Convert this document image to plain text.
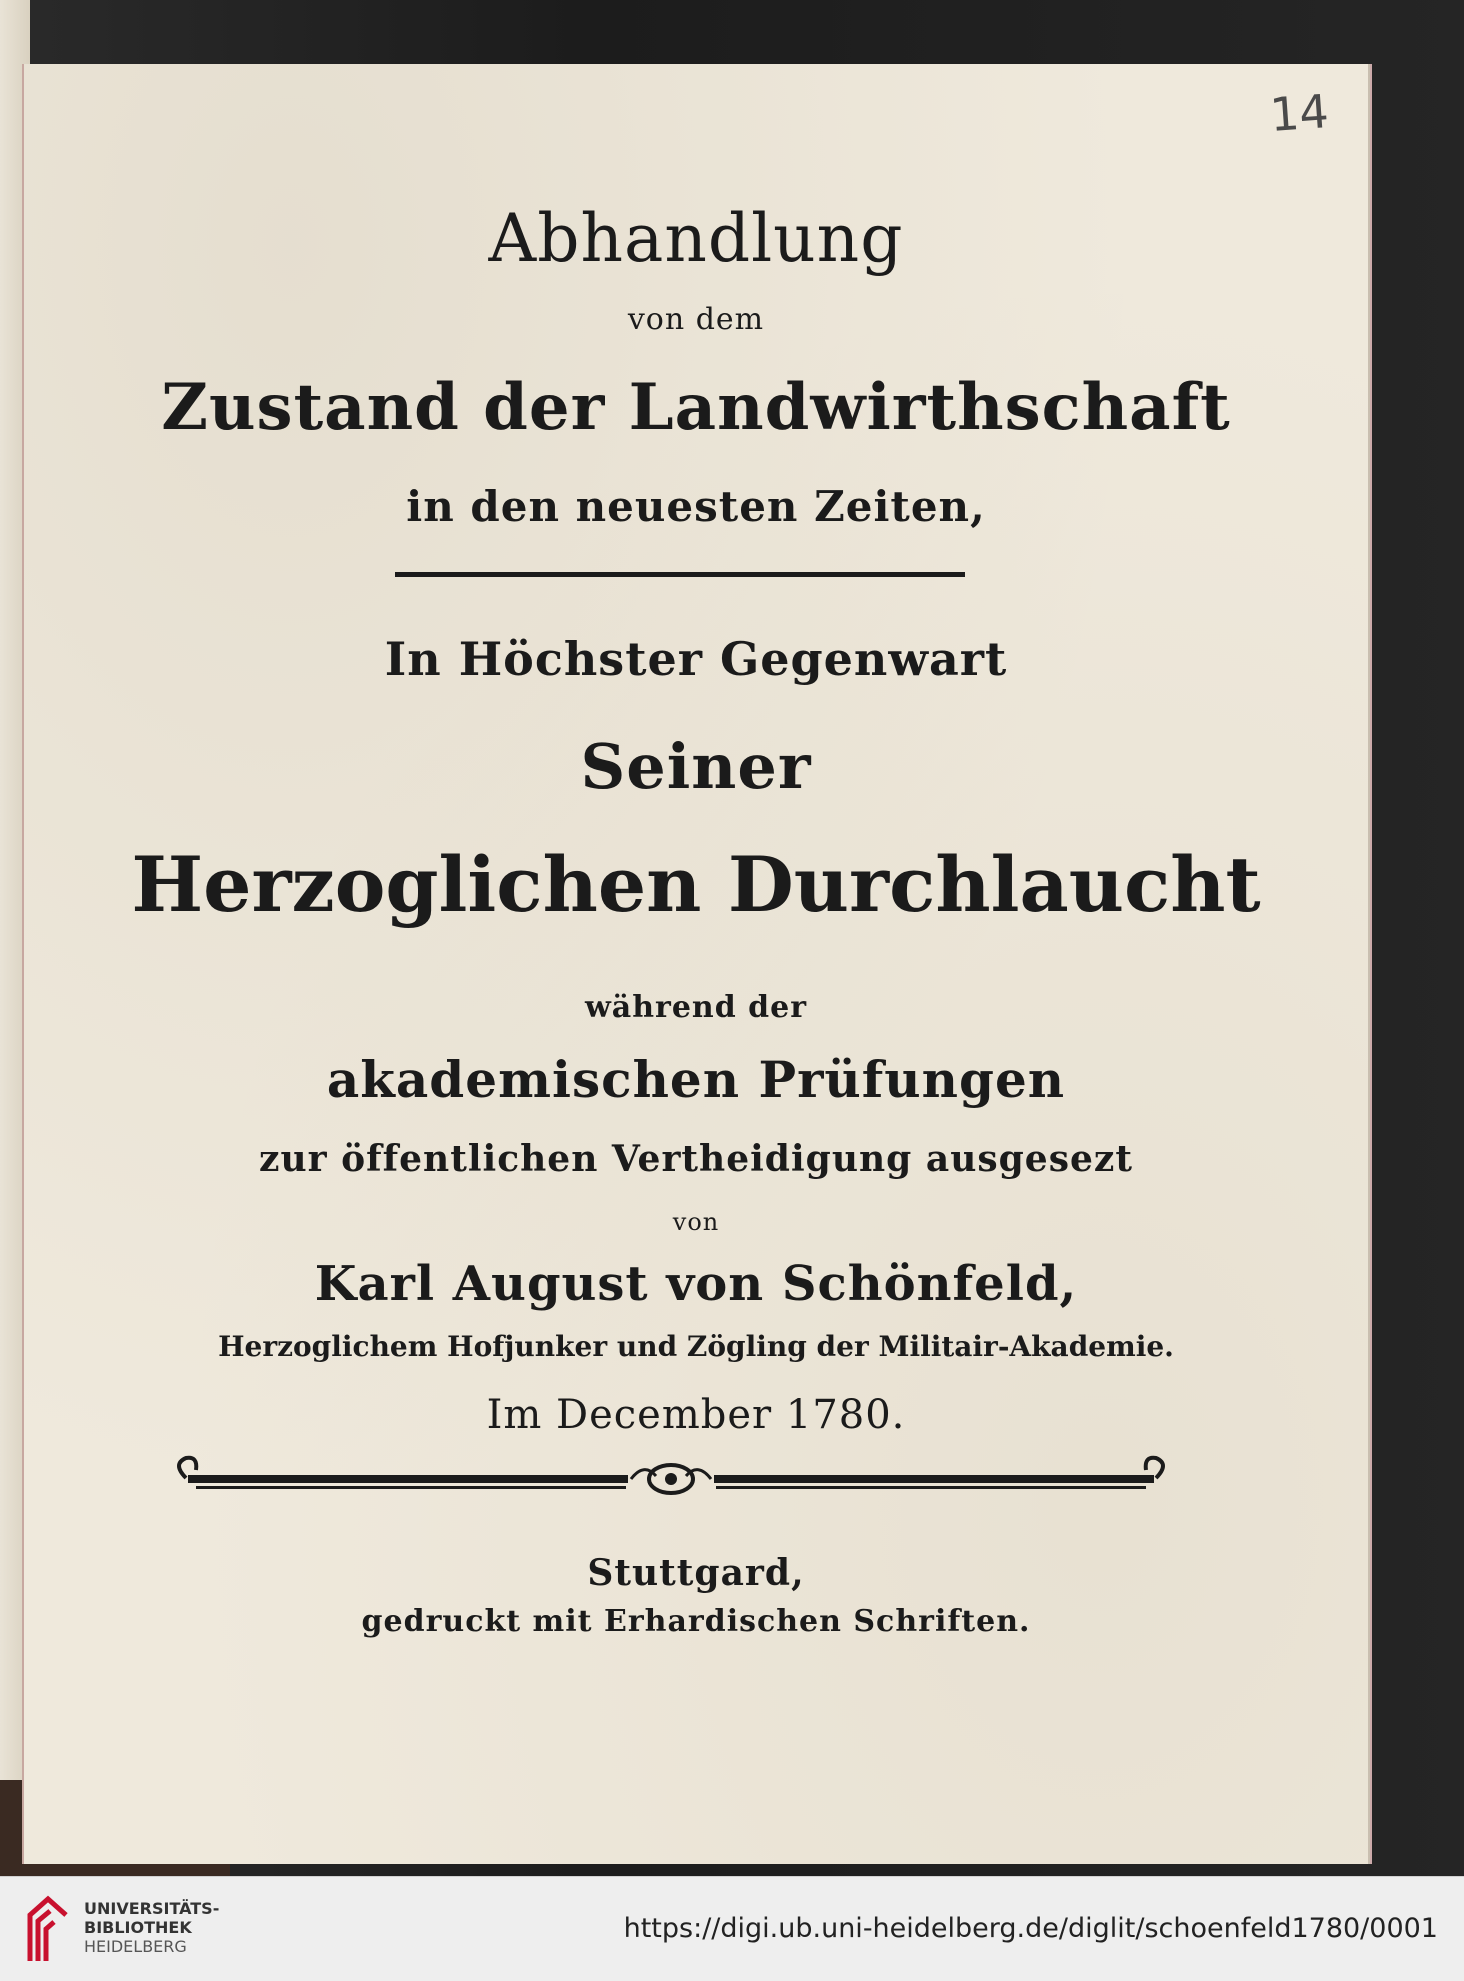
14
Abhandlung
von dem
Zustand der Landwirthschaft
in den neuesten Zeiten,
In Höchster Gegenwart
Seiner
Herzoglichen Durchlaucht
während der
akademischen Prüfungen
zur öffentlichen Vertheidigung ausgesezt
von
Karl August von Schönfeld,
Herzoglichem Hofjunker und Zögling der Militair-Akademie.
Im December 1780.
Stuttgard,
gedruckt mit Erhardischen Schriften.
UNIVERSITÄTS-
BIBLIOTHEK
HEIDELBERG
https://digi.ub.uni-heidelberg.de/diglit/schoenfeld1780/0001
